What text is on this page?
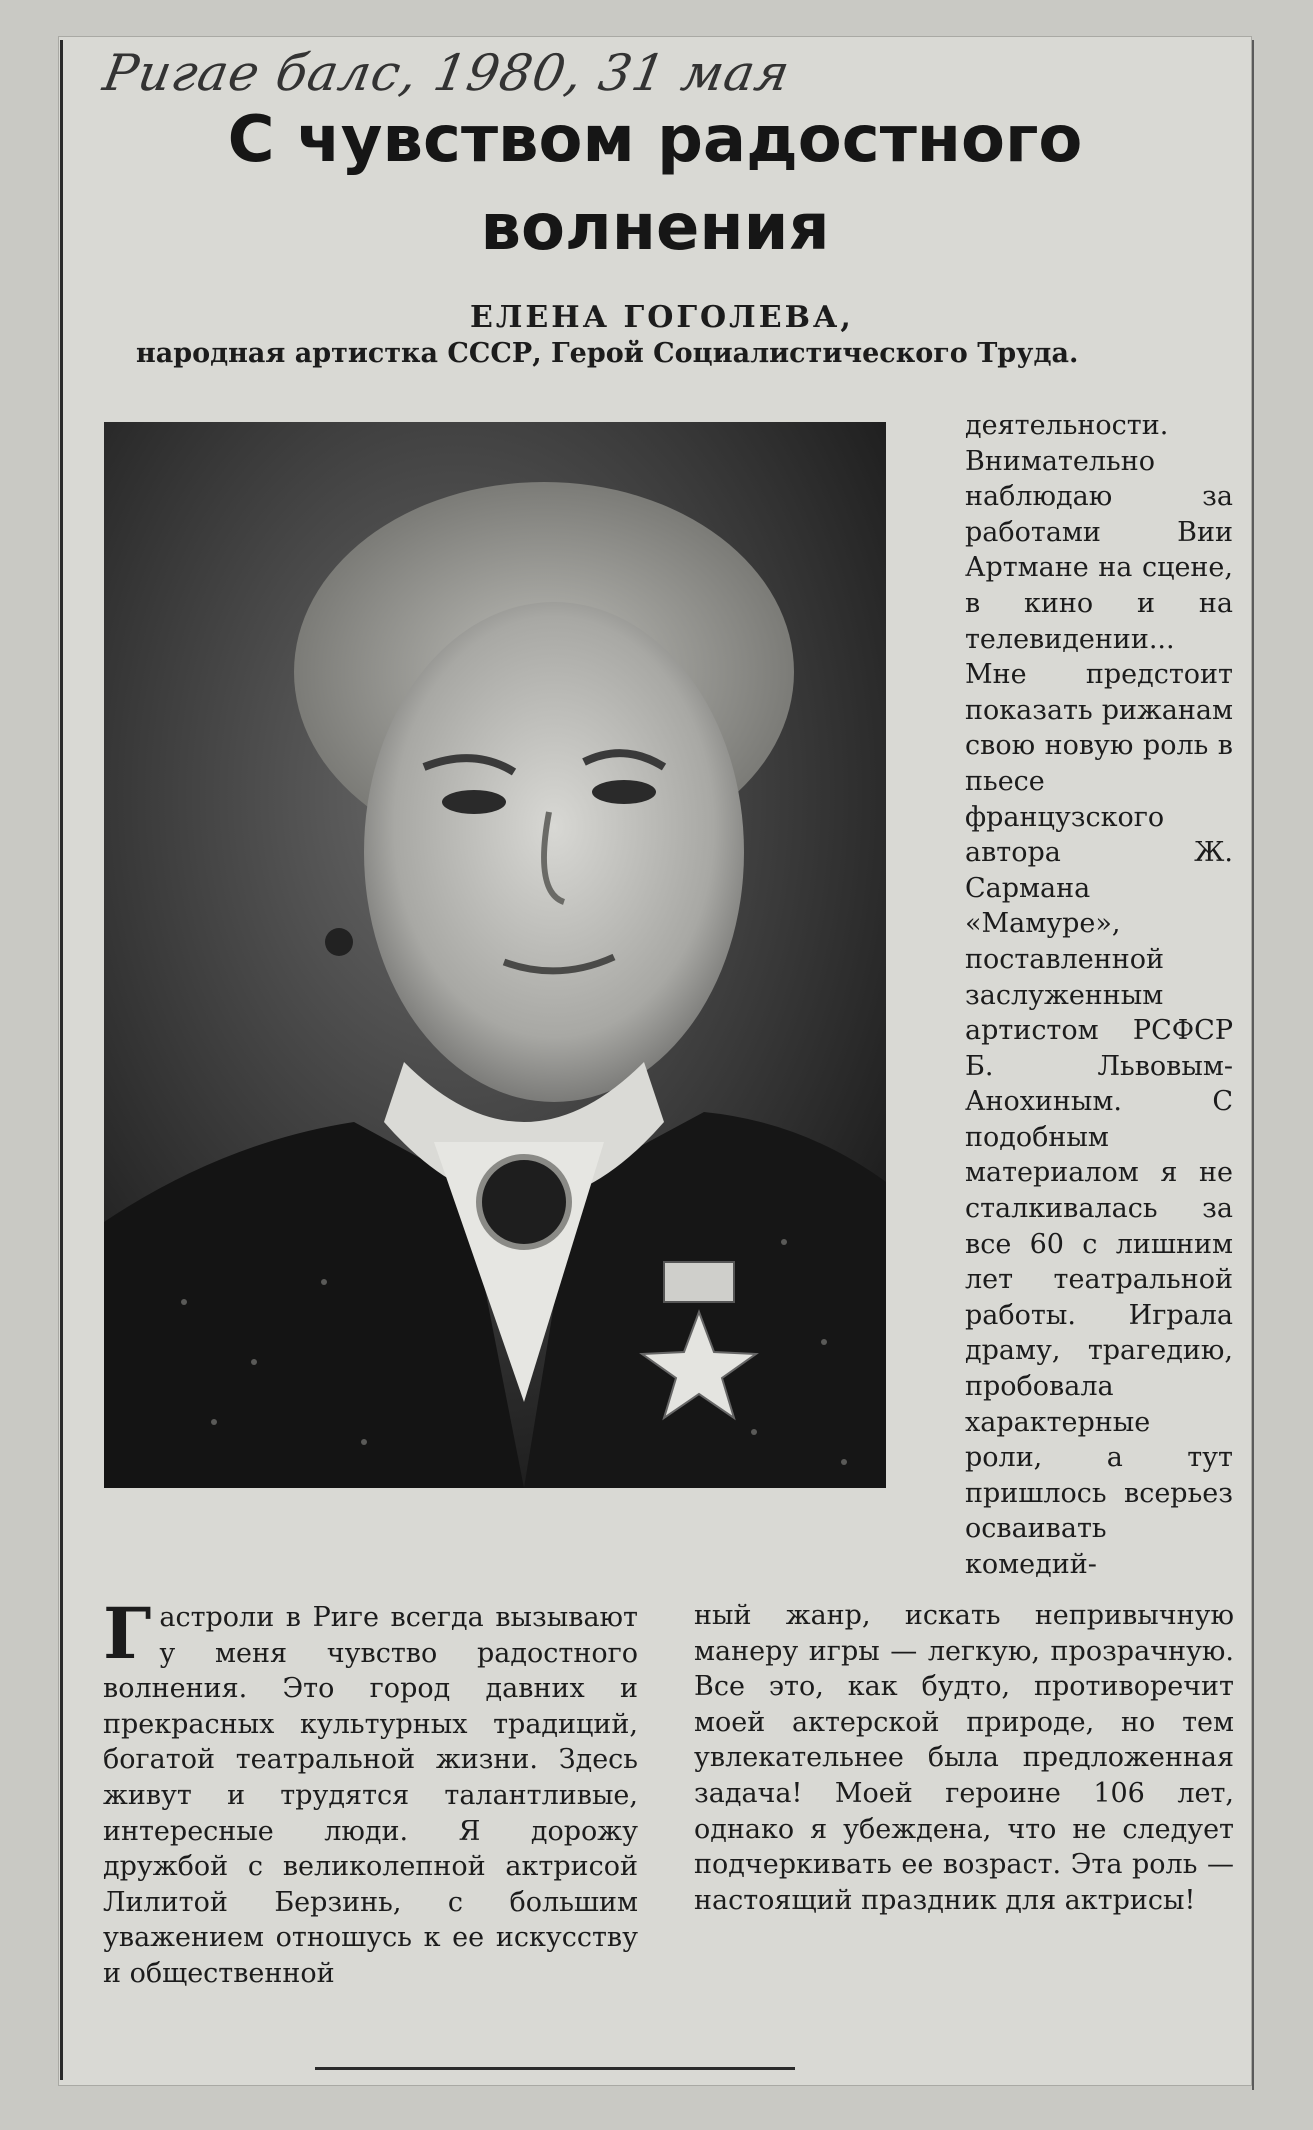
Ригае балс, 1980, 31 мая
С чувством радостного волнения
ЕЛЕНА ГОГОЛЕВА,
народная артистка СССР, Герой Социалистического Труда.
деятельности. Внимательно наблюдаю за работами Вии Артмане на сцене, в кино и на телевидении... Мне предстоит показать рижанам свою новую роль в пьесе французского автора Ж. Сармана «Мамуре», поставленной заслуженным артистом РСФСР Б. Львовым-Анохиным. С подобным материалом я не сталкивалась за все 60 с лишним лет театральной работы. Играла драму, трагедию, пробовала характерные роли, а тут пришлось всерьез осваивать комедий-
Гастроли в Риге всегда вызывают у меня чувство радостного волнения. Это город давних и прекрасных культурных традиций, богатой театральной жизни. Здесь живут и трудятся талантливые, интересные люди. Я дорожу дружбой с великолепной актрисой Лилитой Берзинь, с большим уважением отношусь к ее искусству и общественной
ный жанр, искать непривычную манеру игры — легкую, прозрачную. Все это, как будто, противоречит моей актерской природе, но тем увлекательнее была предложенная задача! Моей героине 106 лет, однако я убеждена, что не следует подчеркивать ее возраст. Эта роль — настоящий праздник для актрисы!
